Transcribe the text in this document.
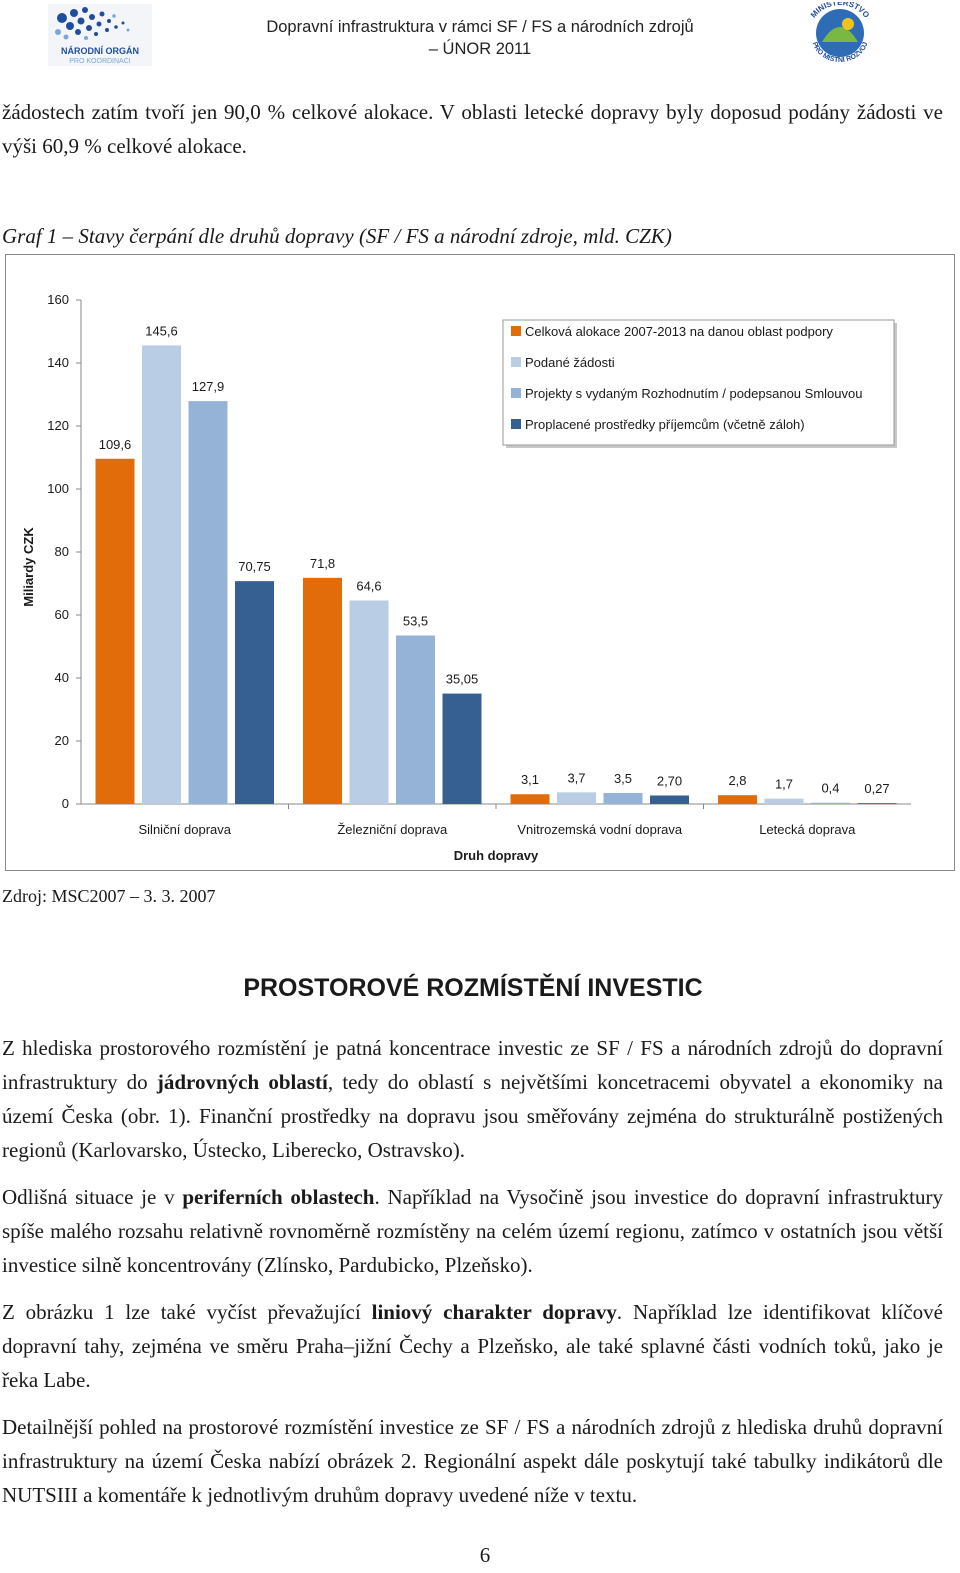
NÁRODNÍ ORGÁN
PRO KOORDINACI
Dopravní infrastruktura v rámci SF / FS a národních zdrojů
– ÚNOR 2011
MINISTERSTVO
PRO MÍSTNÍ ROZVOJ

žádostech zatím tvoří jen 90,0 % celkové alokace. V oblasti letecké dopravy byly doposud podány žádosti ve výši 60,9 % celkové alokace.

Graf 1 – Stavy čerpání dle druhů dopravy (SF / FS a národní zdroje, mld. CZK)

0
20
40
60
80
100
120
140
160
Miliardy CZK
109,6
145,6
127,9
70,75
Silniční doprava
71,8
64,6
53,5
35,05
Železniční doprava
3,1 3,7 3,5 2,70
Vnitrozemská vodní doprava
2,8 1,7 0,4 0,27
Letecká doprava
Druh dopravy
Celková alokace 2007-2013 na danou oblast podpory
Podané žádosti
Projekty s vydaným Rozhodnutím / podepsanou Smlouvou
Proplacené prostředky příjemcům (včetně záloh)

Zdroj: MSC2007 – 3. 3. 2007

PROSTOROVÉ ROZMÍSTĚNÍ INVESTIC

Z hlediska prostorového rozmístění je patná koncentrace investic ze SF / FS a národních zdrojů do dopravní infrastruktury do jádrovných oblastí, tedy do oblastí s největšími koncetracemi obyvatel a ekonomiky na území Česka (obr. 1). Finanční prostředky na dopravu jsou směřovány zejména do strukturálně postižených regionů (Karlovarsko, Ústecko, Liberecko, Ostravsko).

Odlišná situace je v periferních oblastech. Například na Vysočině jsou investice do dopravní infrastruktury spíše malého rozsahu relativně rovnoměrně rozmístěny na celém území regionu, zatímco v ostatních jsou větší investice silně koncentrovány (Zlínsko, Pardubicko, Plzeňsko).

Z obrázku 1 lze také vyčíst převažující liniový charakter dopravy. Například lze identifikovat klíčové dopravní tahy, zejména ve směru Praha–jižní Čechy a Plzeňsko, ale také splavné části vodních toků, jako je řeka Labe.

Detailnější pohled na prostorové rozmístění investice ze SF / FS a národních zdrojů z hlediska druhů dopravní infrastruktury na území Česka nabízí obrázek 2. Regionální aspekt dále poskytují také tabulky indikátorů dle NUTSIII a komentáře k jednotlivým druhům dopravy uvedené níže v textu.

6
